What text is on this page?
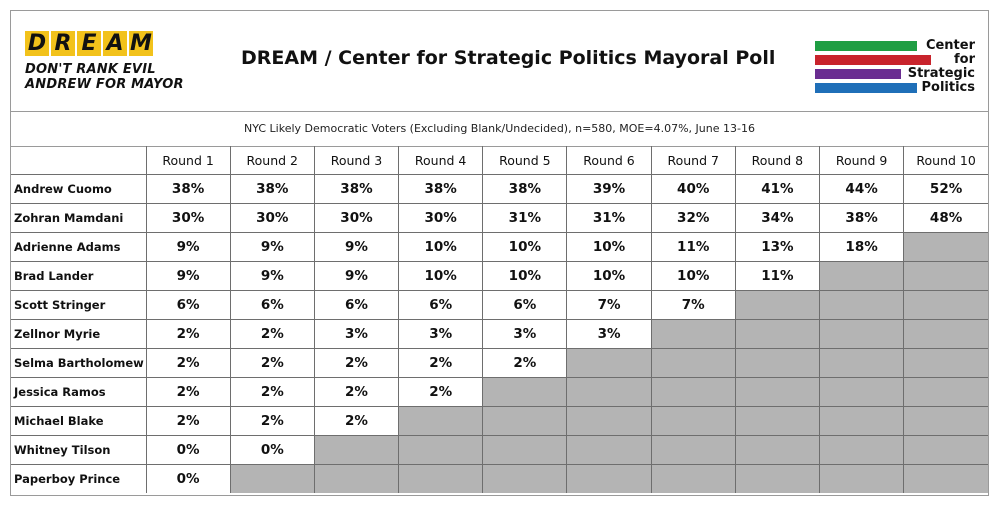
D R E A M
DON'T RANK EVIL
ANDREW FOR MAYOR
DREAM / Center for Strategic Politics Mayoral Poll
Center
for
Strategic
Politics
NYC Likely Democratic Voters (Excluding Blank/Undecided), n=580, MOE=4.07%, June 13-16
	Round 1	Round 2	Round 3	Round 4	Round 5	Round 6	Round 7	Round 8	Round 9	Round 10
Andrew Cuomo	38%	38%	38%	38%	38%	39%	40%	41%	44%	52%
Zohran Mamdani	30%	30%	30%	30%	31%	31%	32%	34%	38%	48%
Adrienne Adams	9%	9%	9%	10%	10%	10%	11%	13%	18%	
Brad Lander	9%	9%	9%	10%	10%	10%	10%	11%		
Scott Stringer	6%	6%	6%	6%	6%	7%	7%			
Zellnor Myrie	2%	2%	3%	3%	3%	3%				
Selma Bartholomew	2%	2%	2%	2%	2%					
Jessica Ramos	2%	2%	2%	2%						
Michael Blake	2%	2%	2%							
Whitney Tilson	0%	0%								
Paperboy Prince	0%									
